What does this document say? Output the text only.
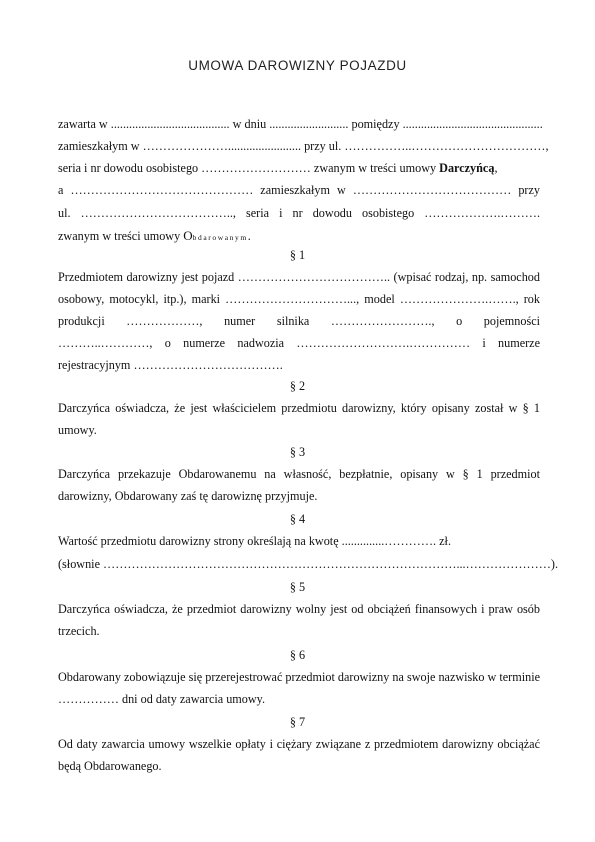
UMOWA DAROWIZNY POJAZDU
zawarta w ....................................... w dniu .......................... pomiędzy ..............................................
zamieszkałym w …………………........................ przy ul. ……………..……………………………,
seria i nr dowodu osobistego ……………………… zwanym w treści umowy Darczyńcą,
a ……………………………………… zamieszkałym w ………………………………… przy
ul. ……………………………….., seria i nr dowodu osobistego ……………….……….
zwanym w treści umowy Obdarowanym.
§ 1
Przedmiotem darowizny jest pojazd ……………………………….. (wpisać rodzaj, np. samochod
osobowy, motocykl, itp.), marki …………………………..., model ………………….……., rok
produkcji ………………, numer silnika ……………………., o pojemności
………..…………, o numerze nadwozia ……………………….…………… i numerze
rejestracyjnym ……………………………….
§ 2
Darczyńca oświadcza, że jest właścicielem przedmiotu darowizny, który opisany został w § 1
umowy.
§ 3
Darczyńca przekazuje Obdarowanemu na własność, bezpłatnie, opisany w § 1 przedmiot
darowizny, Obdarowany zaś tę darowiznę przyjmuje.
§ 4
Wartość przedmiotu darowizny strony określają na kwotę ..............…………. zł.
(słownie ……………………………………………………………………………...…………………).
§ 5
Darczyńca oświadcza, że przedmiot darowizny wolny jest od obciążeń finansowych i praw osób
trzecich.
§ 6
Obdarowany zobowiązuje się przerejestrować przedmiot darowizny na swoje nazwisko w terminie
…………… dni od daty zawarcia umowy.
§ 7
Od daty zawarcia umowy wszelkie opłaty i ciężary związane z przedmiotem darowizny obciążać
będą Obdarowanego.
